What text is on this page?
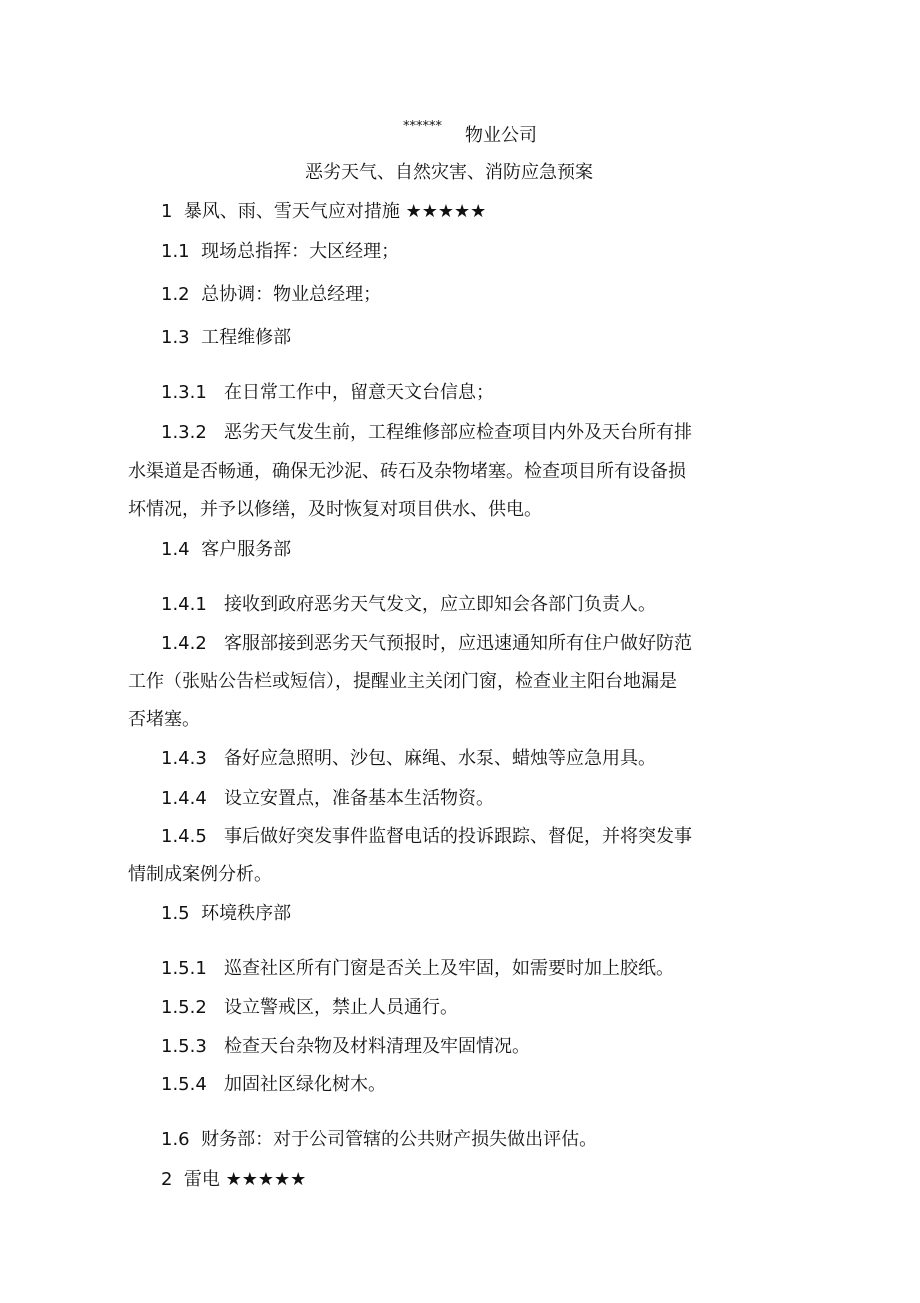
****** 物业公司
恶劣天气、自然灾害、消防应急预案
1 暴风、雨、雪天气应对措施 ★★★★★
1.1 现场总指挥：大区经理；
1.2 总协调：物业总经理；
1.3 工程维修部
1.3.1 在日常工作中，留意天文台信息；
1.3.2 恶劣天气发生前，工程维修部应检查项目内外及天台所有排
水渠道是否畅通，确保无沙泥、砖石及杂物堵塞。检查项目所有设备损
坏情况，并予以修缮，及时恢复对项目供水、供电。
1.4 客户服务部
1.4.1 接收到政府恶劣天气发文，应立即知会各部门负责人。
1.4.2 客服部接到恶劣天气预报时，应迅速通知所有住户做好防范
工作（张贴公告栏或短信），提醒业主关闭门窗，检查业主阳台地漏是
否堵塞。
1.4.3 备好应急照明、沙包、麻绳、水泵、蜡烛等应急用具。
1.4.4 设立安置点，准备基本生活物资。
1.4.5 事后做好突发事件监督电话的投诉跟踪、督促，并将突发事
情制成案例分析。
1.5 环境秩序部
1.5.1 巡查社区所有门窗是否关上及牢固，如需要时加上胶纸。
1.5.2 设立警戒区，禁止人员通行。
1.5.3 检查天台杂物及材料清理及牢固情况。
1.5.4 加固社区绿化树木。
1.6 财务部：对于公司管辖的公共财产损失做出评估。
2 雷电 ★★★★★
